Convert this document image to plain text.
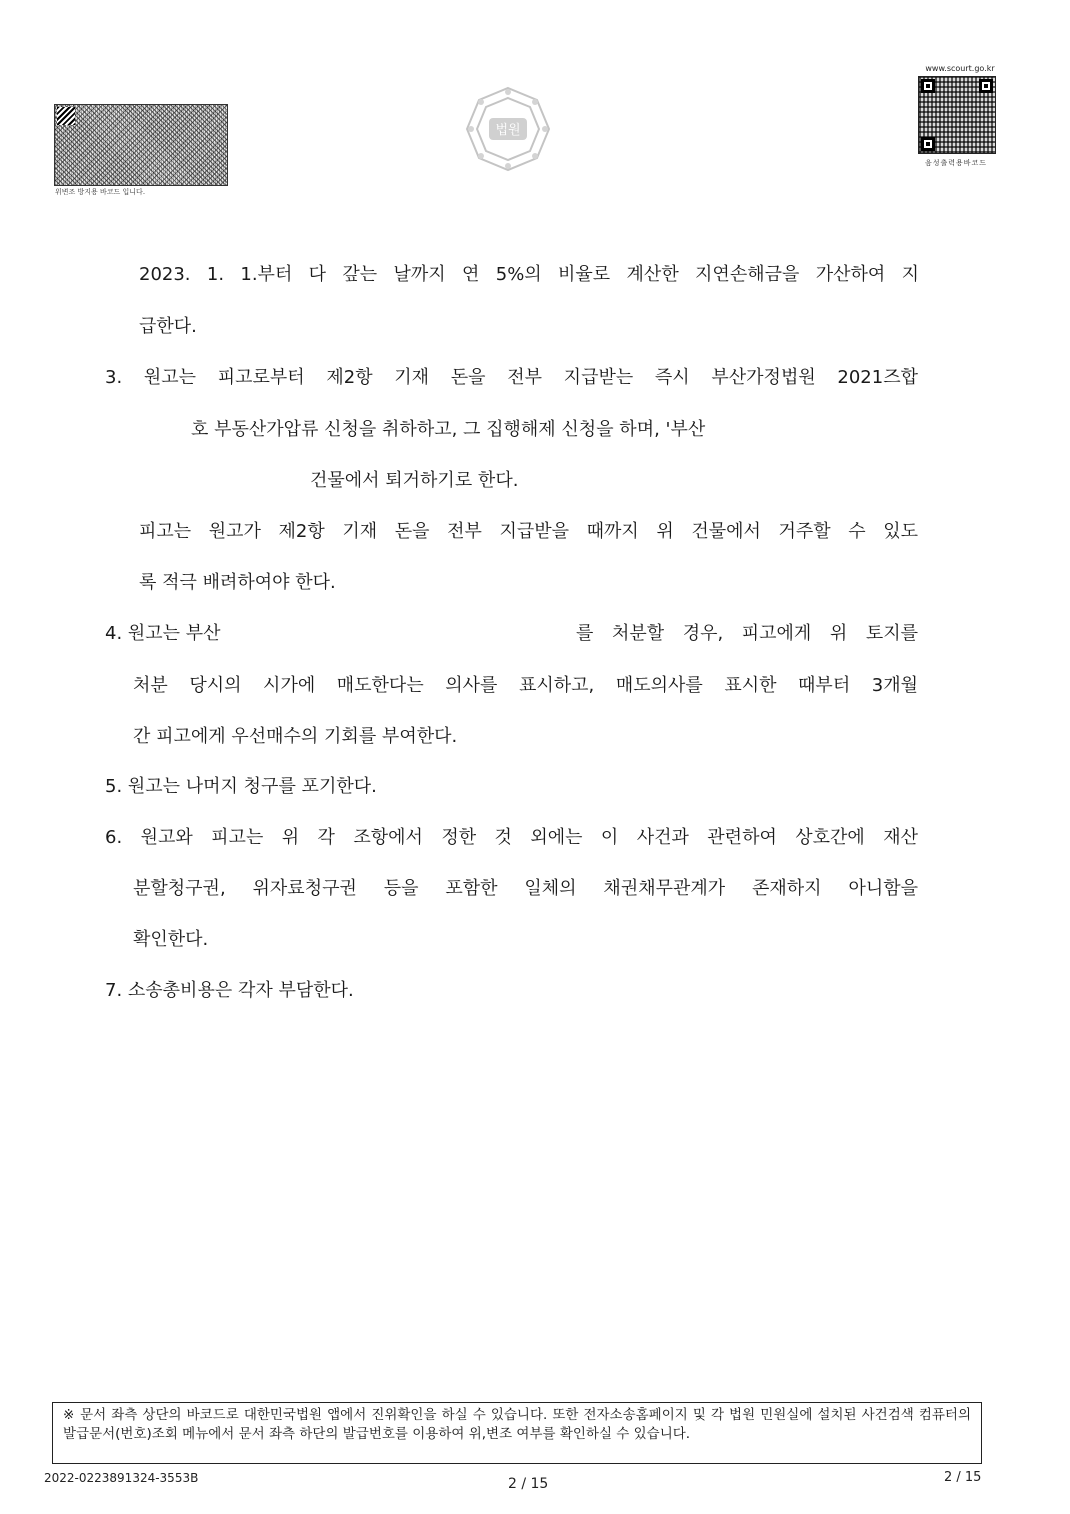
위변조 방지용 바코드 입니다.
법원
www.scourt.go.kr
음성출력용바코드
2023. 1. 1.부터 다 갚는 날까지 연 5%의 비율로 계산한 지연손해금을 가산하여 지
급한다.
3. 원고는 피고로부터 제2항 기재 돈을 전부 지급받는 즉시 부산가정법원 2021즈합
호 부동산가압류 신청을 취하하고, 그 집행해제 신청을 하며, '부산
건물에서 퇴거하기로 한다.
피고는 원고가 제2항 기재 돈을 전부 지급받을 때까지 위 건물에서 거주할 수 있도
록 적극 배려하여야 한다.
4. 원고는 부산	를 처분할 경우, 피고에게 위 토지를
처분 당시의 시가에 매도한다는 의사를 표시하고, 매도의사를 표시한 때부터 3개월
간 피고에게 우선매수의 기회를 부여한다.
5. 원고는 나머지 청구를 포기한다.
6. 원고와 피고는 위 각 조항에서 정한 것 외에는 이 사건과 관련하여 상호간에 재산
분할청구권, 위자료청구권 등을 포함한 일체의 채권채무관계가 존재하지 아니함을
확인한다.
7. 소송총비용은 각자 부담한다.
※ 문서 좌측 상단의 바코드로 대한민국법원 앱에서 진위확인을 하실 수 있습니다. 또한 전자소송홈페이지 및 각 법원 민원실에 설치된 사건검색 컴퓨터의 발급문서(번호)조회 메뉴에서 문서 좌측 하단의 발급번호를 이용하여 위,변조 여부를 확인하실 수 있습니다.
2022-0223891324-3553B	2 / 15	2 / 15
